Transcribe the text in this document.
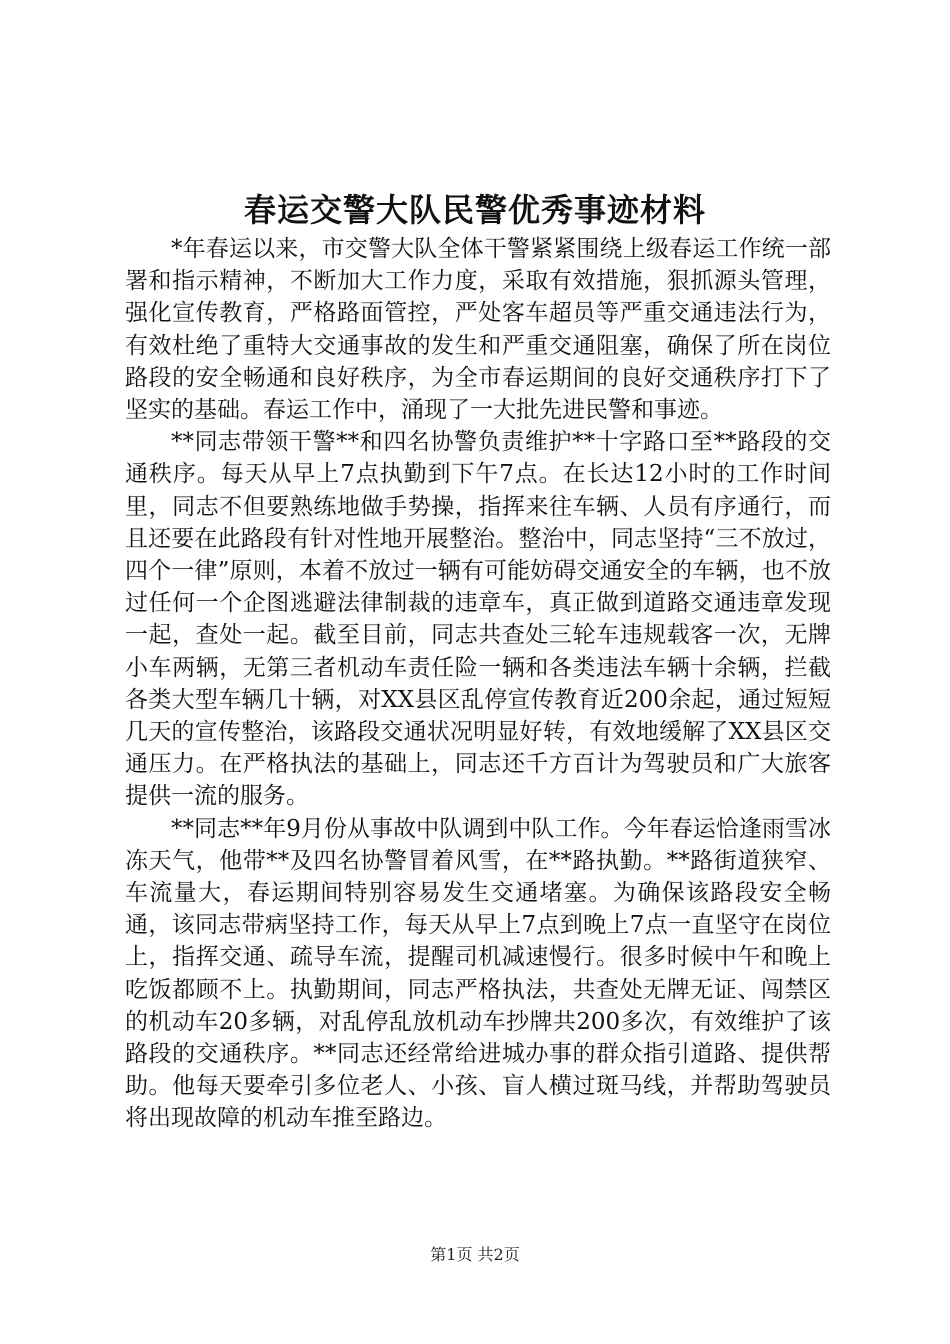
春运交警大队民警优秀事迹材料

*年春运以来，市交警大队全体干警紧紧围绕上级春运工作统一部署和指示精神，不断加大工作力度，采取有效措施，狠抓源头管理，强化宣传教育，严格路面管控，严处客车超员等严重交通违法行为，有效杜绝了重特大交通事故的发生和严重交通阻塞，确保了所在岗位路段的安全畅通和良好秩序，为全市春运期间的良好交通秩序打下了坚实的基础。春运工作中，涌现了一大批先进民警和事迹。

**同志带领干警**和四名协警负责维护**十字路口至**路段的交通秩序。每天从早上7点执勤到下午7点。在长达12小时的工作时间里，同志不但要熟练地做手势操，指挥来往车辆、人员有序通行，而且还要在此路段有针对性地开展整治。整治中，同志坚持“三不放过，四个一律”原则，本着不放过一辆有可能妨碍交通安全的车辆，也不放过任何一个企图逃避法律制裁的违章车，真正做到道路交通违章发现一起，查处一起。截至目前，同志共查处三轮车违规载客一次，无牌小车两辆，无第三者机动车责任险一辆和各类违法车辆十余辆，拦截各类大型车辆几十辆，对XX县区乱停宣传教育近200余起，通过短短几天的宣传整治，该路段交通状况明显好转，有效地缓解了XX县区交通压力。在严格执法的基础上，同志还千方百计为驾驶员和广大旅客提供一流的服务。

**同志**年9月份从事故中队调到中队工作。今年春运恰逢雨雪冰冻天气，他带**及四名协警冒着风雪，在**路执勤。**路街道狭窄、车流量大，春运期间特别容易发生交通堵塞。为确保该路段安全畅通，该同志带病坚持工作，每天从早上7点到晚上7点一直坚守在岗位上，指挥交通、疏导车流，提醒司机减速慢行。很多时候中午和晚上吃饭都顾不上。执勤期间，同志严格执法，共查处无牌无证、闯禁区的机动车20多辆，对乱停乱放机动车抄牌共200多次，有效维护了该路段的交通秩序。**同志还经常给进城办事的群众指引道路、提供帮助。他每天要牵引多位老人、小孩、盲人横过斑马线，并帮助驾驶员将出现故障的机动车推至路边。

第1页 共2页
